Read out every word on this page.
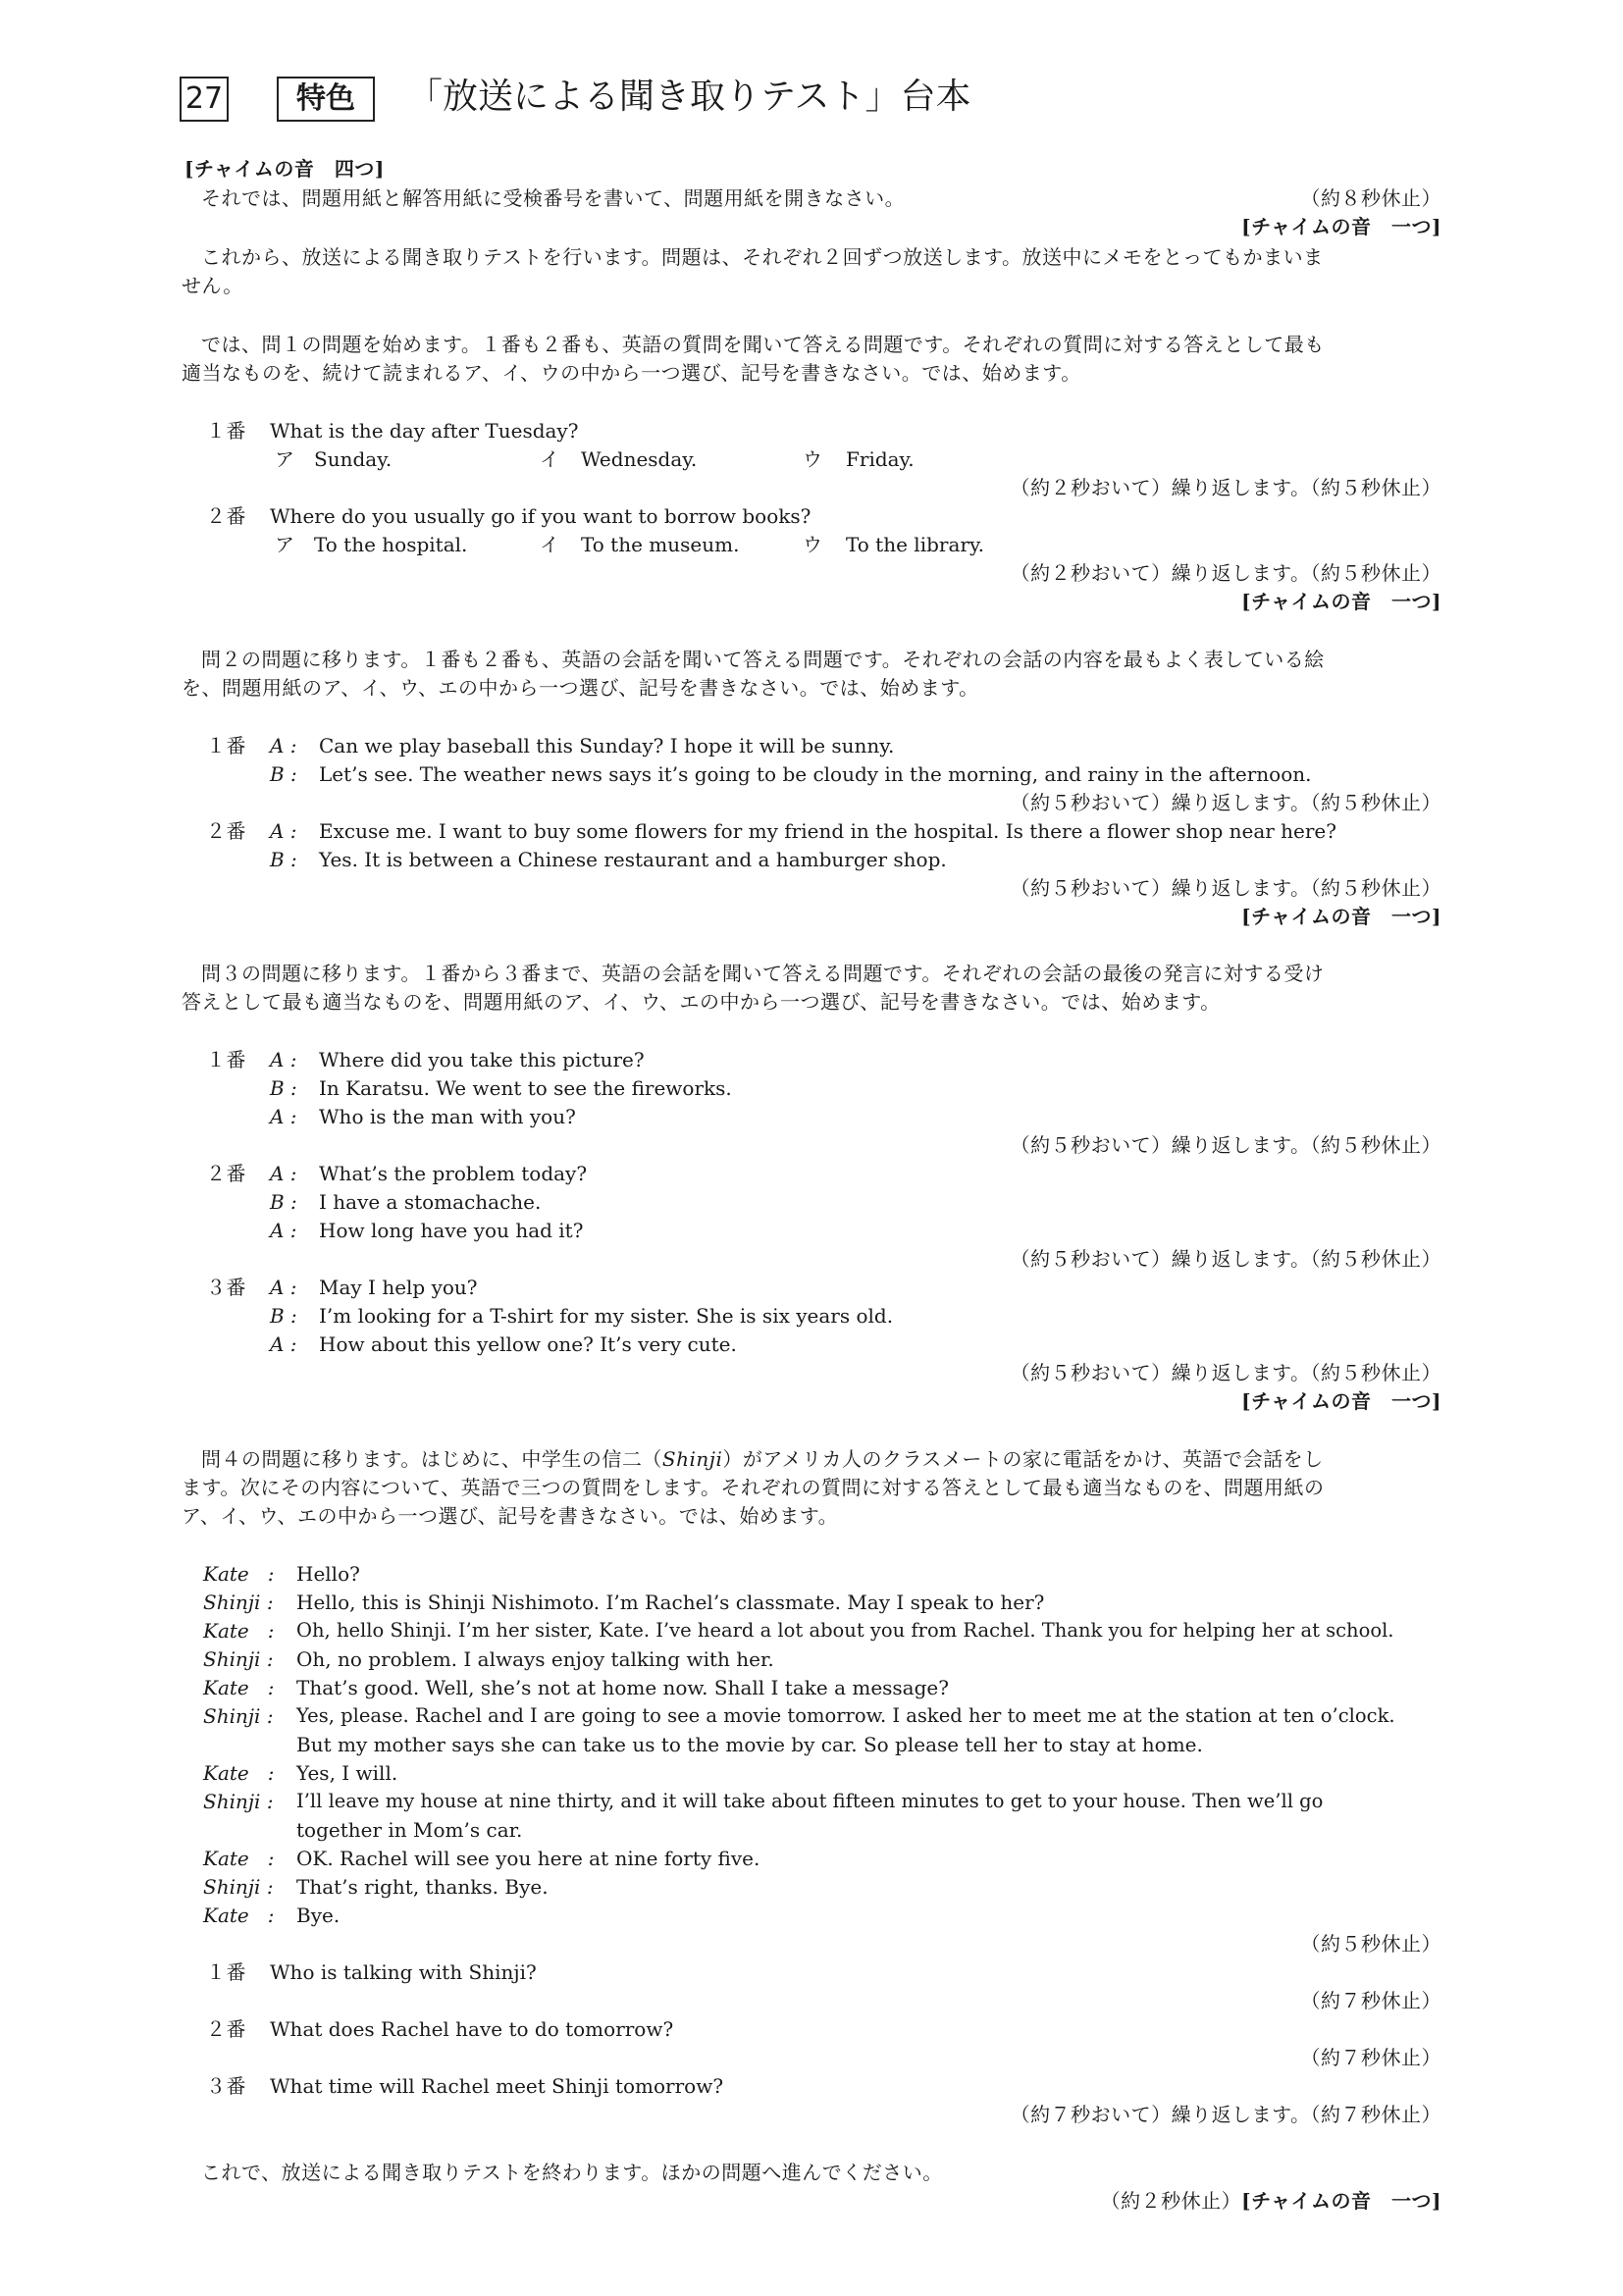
27	特色	「放送による聞き取りテスト」台本
[チャイムの音　四つ]
それでは、問題用紙と解答用紙に受検番号を書いて、問題用紙を開きなさい。	（約８秒休止）
[チャイムの音　一つ]
これから、放送による聞き取りテストを行います。問題は、それぞれ２回ずつ放送します。放送中にメモをとってもかまいま
せん。
では、問１の問題を始めます。１番も２番も、英語の質問を聞いて答える問題です。それぞれの質問に対する答えとして最も
適当なものを、続けて読まれるア、イ、ウの中から一つ選び、記号を書きなさい。では、始めます。
１番 What is the day after Tuesday?
ア Sunday.	イ Wednesday.	ウ Friday.
（約２秒おいて）繰り返します。（約５秒休止）
２番 Where do you usually go if you want to borrow books?
ア To the hospital.	イ To the museum.	ウ To the library.
（約２秒おいて）繰り返します。（約５秒休止）
[チャイムの音　一つ]
問２の問題に移ります。１番も２番も、英語の会話を聞いて答える問題です。それぞれの会話の内容を最もよく表している絵
を、問題用紙のア、イ、ウ、エの中から一つ選び、記号を書きなさい。では、始めます。
１番 A : Can we play baseball this Sunday? I hope it will be sunny.
B : Let’s see. The weather news says it’s going to be cloudy in the morning, and rainy in the afternoon.
（約５秒おいて）繰り返します。（約５秒休止）
２番 A : Excuse me. I want to buy some flowers for my friend in the hospital. Is there a flower shop near here?
B : Yes. It is between a Chinese restaurant and a hamburger shop.
（約５秒おいて）繰り返します。（約５秒休止）
[チャイムの音　一つ]
問３の問題に移ります。１番から３番まで、英語の会話を聞いて答える問題です。それぞれの会話の最後の発言に対する受け
答えとして最も適当なものを、問題用紙のア、イ、ウ、エの中から一つ選び、記号を書きなさい。では、始めます。
１番 A : Where did you take this picture?
B : In Karatsu. We went to see the fireworks.
A : Who is the man with you?
（約５秒おいて）繰り返します。（約５秒休止）
２番 A : What’s the problem today?
B : I have a stomachache.
A : How long have you had it?
（約５秒おいて）繰り返します。（約５秒休止）
３番 A : May I help you?
B : I’m looking for a T-shirt for my sister. She is six years old.
A : How about this yellow one? It’s very cute.
（約５秒おいて）繰り返します。（約５秒休止）
[チャイムの音　一つ]
問４の問題に移ります。はじめに、中学生の信二（Shinji）がアメリカ人のクラスメートの家に電話をかけ、英語で会話をし
ます。次にその内容について、英語で三つの質問をします。それぞれの質問に対する答えとして最も適当なものを、問題用紙の
ア、イ、ウ、エの中から一つ選び、記号を書きなさい。では、始めます。
Kate   : Hello?
Shinji : Hello, this is Shinji Nishimoto. I’m Rachel’s classmate. May I speak to her?
Kate   : Oh, hello Shinji. I’m her sister, Kate. I’ve heard a lot about you from Rachel. Thank you for helping her at school.
Shinji : Oh, no problem. I always enjoy talking with her.
Kate   : That’s good. Well, she’s not at home now. Shall I take a message?
Shinji : Yes, please. Rachel and I are going to see a movie tomorrow. I asked her to meet me at the station at ten o’clock.
But my mother says she can take us to the movie by car. So please tell her to stay at home.
Kate   : Yes, I will.
Shinji : I’ll leave my house at nine thirty, and it will take about fifteen minutes to get to your house. Then we’ll go
together in Mom’s car.
Kate   : OK. Rachel will see you here at nine forty five.
Shinji : That’s right, thanks. Bye.
Kate   : Bye.
（約５秒休止）
１番 Who is talking with Shinji?
（約７秒休止）
２番 What does Rachel have to do tomorrow?
（約７秒休止）
３番 What time will Rachel meet Shinji tomorrow?
（約７秒おいて）繰り返します。（約７秒休止）
これで、放送による聞き取りテストを終わります。ほかの問題へ進んでください。
（約２秒休止）[チャイムの音　一つ]
